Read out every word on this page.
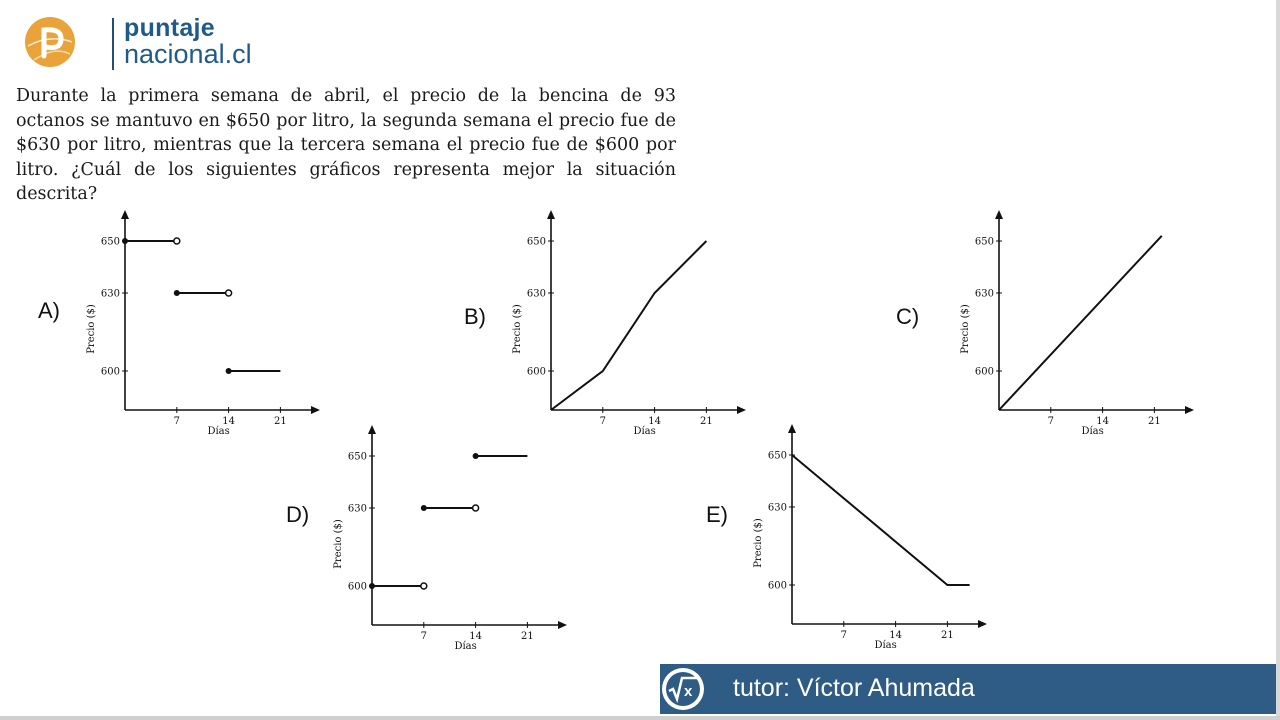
puntaje
nacional.cl

Durante la primera semana de abril, el precio de la bencina de 93 octanos se mantuvo en $650 por litro, la segunda semana el precio fue de $630 por litro, mientras que la tercera semana el precio fue de $600 por litro. ¿Cuál de los siguientes gráficos representa mejor la situación descrita?

A)	B)	C)
D)	E)
7	14	21
600
630
650
Días
Precio ($)
7	14	21
600
630
650
Días
Precio ($)
7	14	21
600
630
650
Días
Precio ($)
7	14	21
600
630
650
Días
Precio ($)
7	14	21
600
630
650
Días
Precio ($)
x tutor: Víctor Ahumada
